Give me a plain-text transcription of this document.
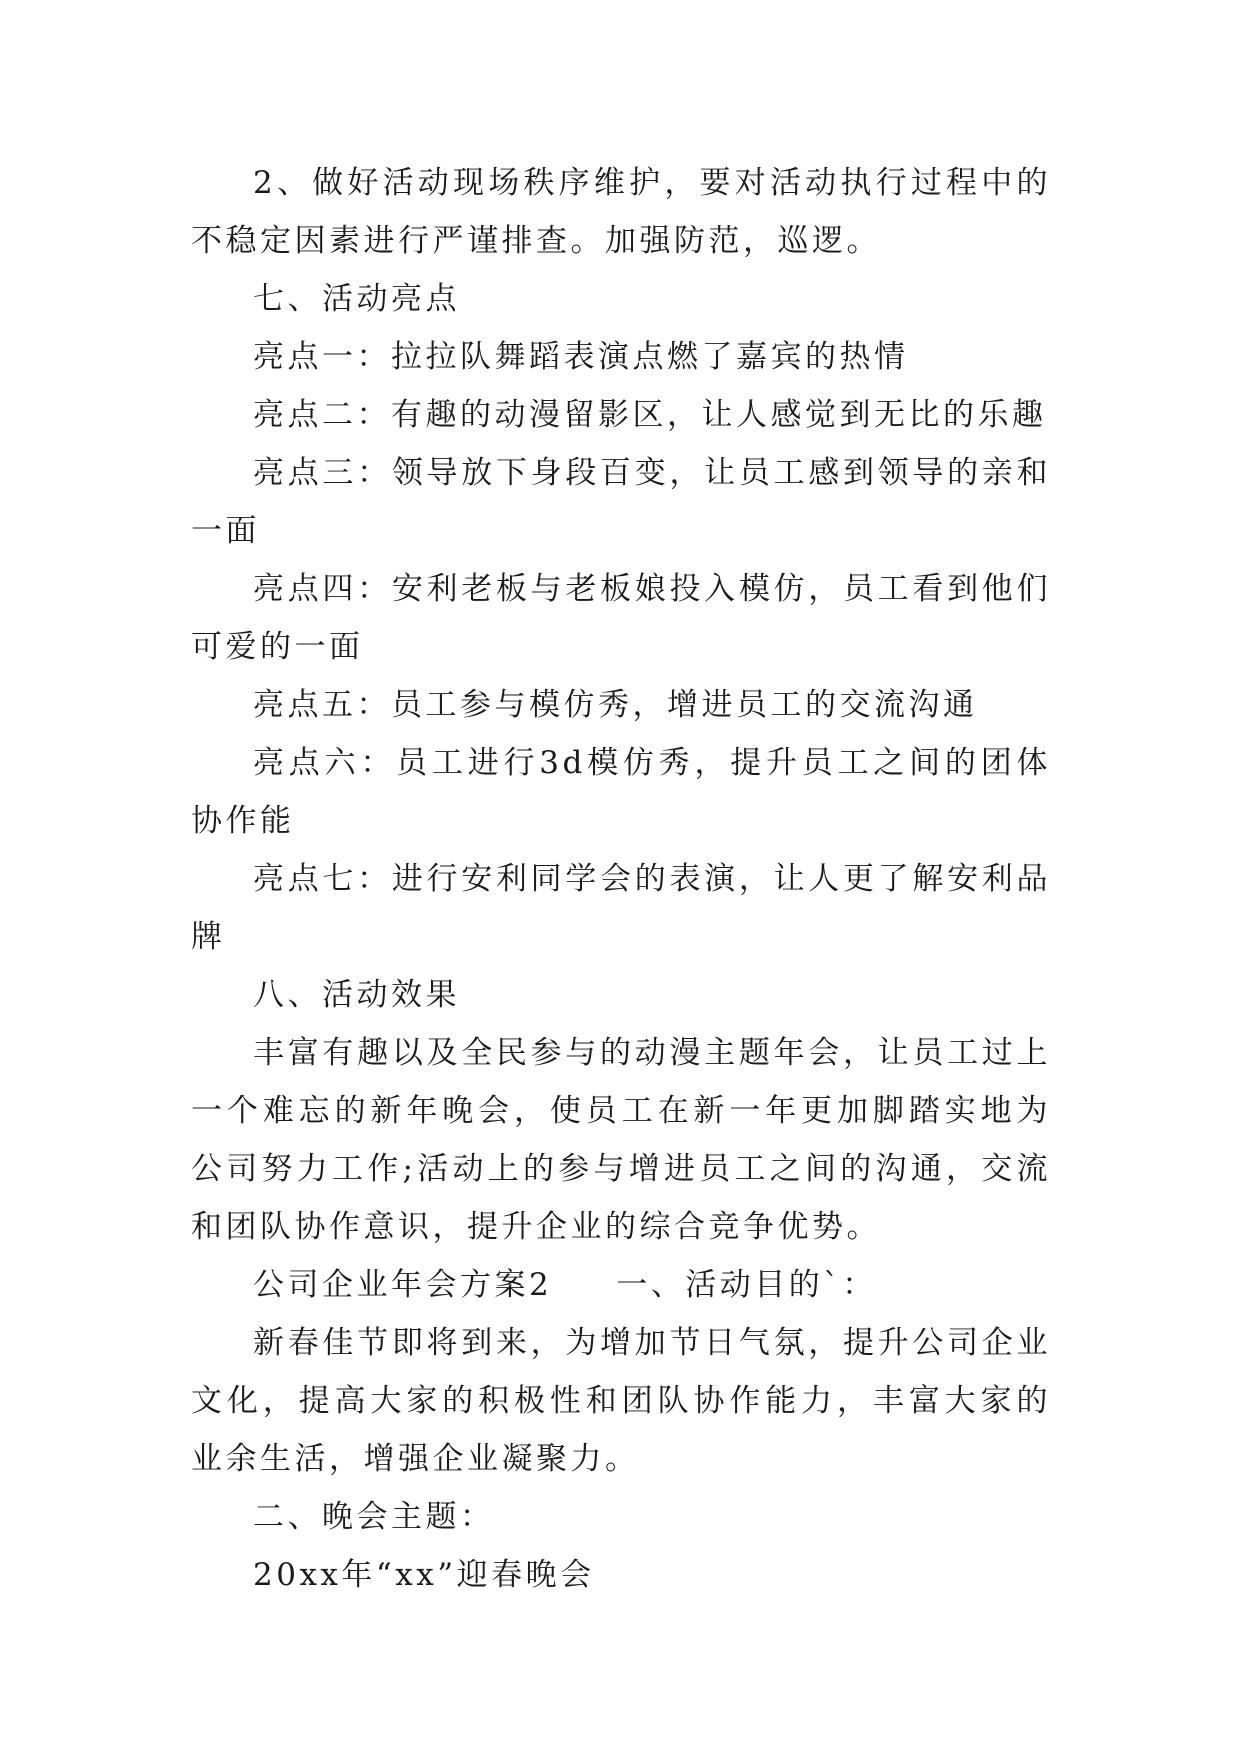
2、做好活动现场秩序维护，要对活动执行过程中的不稳定因素进行严谨排查。加强防范，巡逻。

七、活动亮点

亮点一：拉拉队舞蹈表演点燃了嘉宾的热情

亮点二：有趣的动漫留影区，让人感觉到无比的乐趣

亮点三：领导放下身段百变，让员工感到领导的亲和一面

亮点四：安利老板与老板娘投入模仿，员工看到他们可爱的一面

亮点五：员工参与模仿秀，增进员工的交流沟通

亮点六：员工进行3d模仿秀，提升员工之间的团体协作能

亮点七：进行安利同学会的表演，让人更了解安利品牌

八、活动效果

丰富有趣以及全民参与的动漫主题年会，让员工过上一个难忘的新年晚会，使员工在新一年更加脚踏实地为公司努力工作;活动上的参与增进员工之间的沟通，交流和团队协作意识，提升企业的综合竞争优势。

公司企业年会方案2 一、活动目的`：

新春佳节即将到来，为增加节日气氛，提升公司企业文化，提高大家的积极性和团队协作能力，丰富大家的业余生活，增强企业凝聚力。

二、晚会主题：

20xx年“xx”迎春晚会
